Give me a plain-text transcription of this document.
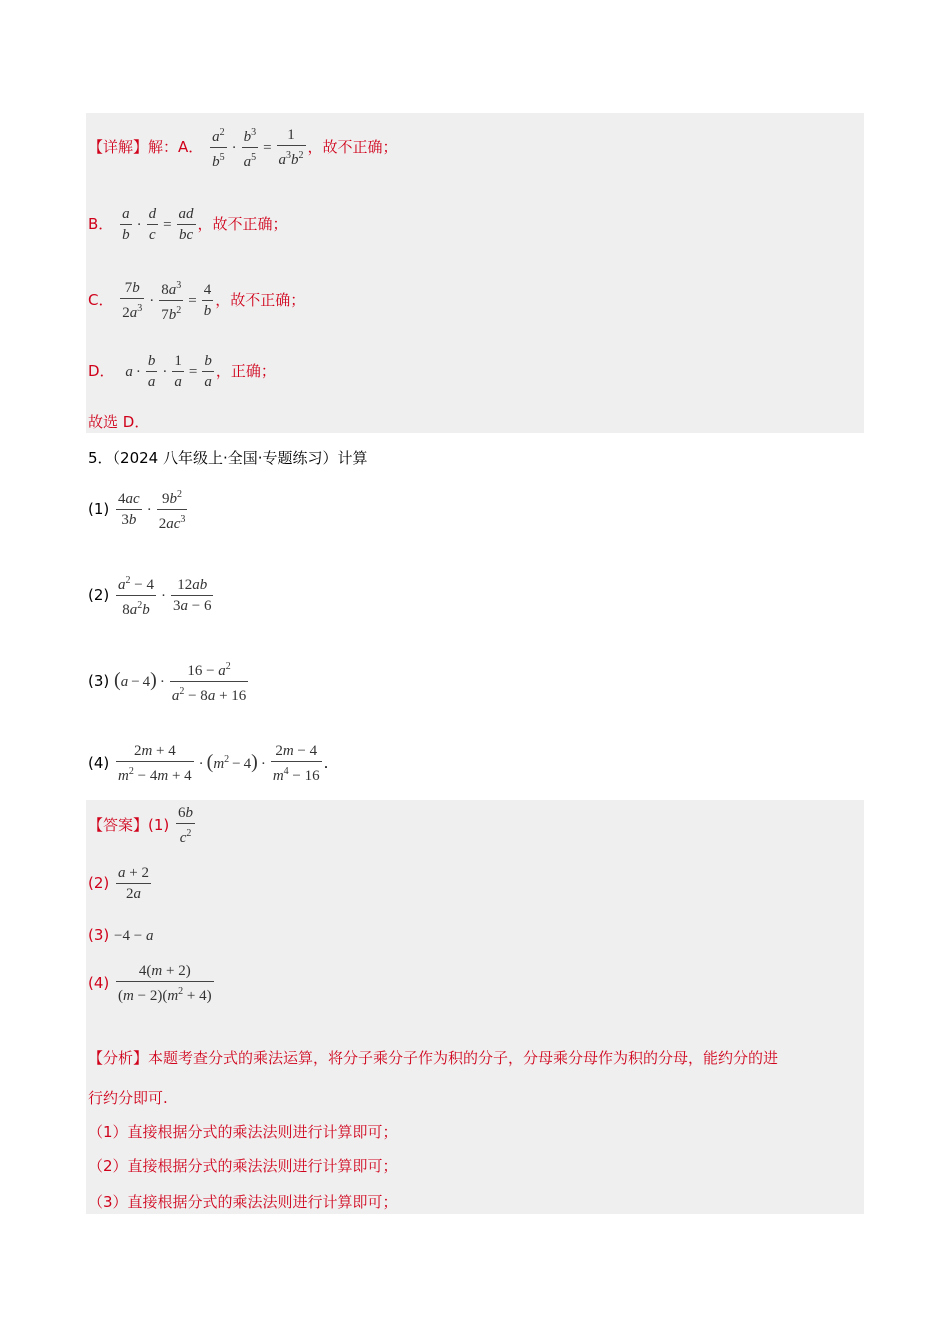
【详解】解：A． $\frac{a^2}{b^5} \cdot \frac{b^3}{a^5} = \frac{1}{a^3b^2}$ ，故不正确；
B． $\frac{a}{b} \cdot \frac{d}{c} = \frac{ad}{bc}$ ，故不正确；
C． $\frac{7b}{2a^3} \cdot \frac{8a^3}{7b^2} = \frac{4}{b}$ ，故不正确；
D． $a \cdot \frac{b}{a} \cdot \frac{1}{a} = \frac{b}{a}$ ，正确；
故选 D．
5．（2024 八年级上·全国·专题练习）计算
$(1) \frac{4ac}{3b} \cdot \frac{9b^2}{2ac^3}$
$(2) \frac{a^2 - 4}{8a^2b} \cdot \frac{12ab}{3a - 6}$
(3) $(a - 4) \cdot \frac{16 - a^2}{a^2 - 8a + 16}$
$(4) \frac{2m + 4}{m^2 - 4m + 4} \cdot (m^2 - 4) \cdot \frac{2m - 4}{m^4 - 16}$ .
【答案】$(1) \frac{6b}{c^2}$
$(2) \frac{a + 2}{2a}$
(3) −4 − a
$(4) \frac{4(m + 2)}{(m - 2)(m^2 + 4)}$
【分析】本题考查分式的乘法运算，将分子乘分子作为积的分子，分母乘分母作为积的分母，能约分的进
行约分即可.
（1）直接根据分式的乘法法则进行计算即可；
（2）直接根据分式的乘法法则进行计算即可；
（3）直接根据分式的乘法法则进行计算即可；
